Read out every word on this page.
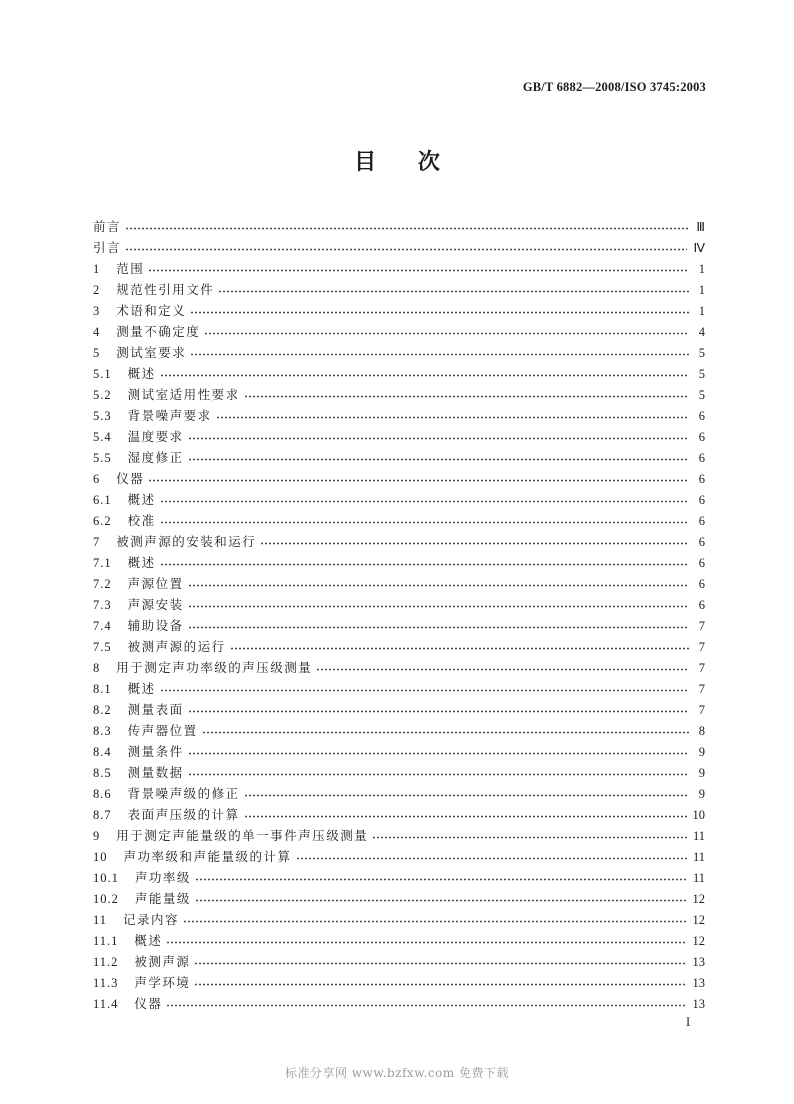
GB/T 6882—2008/ISO 3745:2003
目 次
前言	Ⅲ
引言	Ⅳ
1 范围	1
2 规范性引用文件	1
3 术语和定义	1
4 测量不确定度	4
5 测试室要求	5
5.1 概述	5
5.2 测试室适用性要求	5
5.3 背景噪声要求	6
5.4 温度要求	6
5.5 湿度修正	6
6 仪器	6
6.1 概述	6
6.2 校准	6
7 被测声源的安装和运行	6
7.1 概述	6
7.2 声源位置	6
7.3 声源安装	6
7.4 辅助设备	7
7.5 被测声源的运行	7
8 用于测定声功率级的声压级测量	7
8.1 概述	7
8.2 测量表面	7
8.3 传声器位置	8
8.4 测量条件	9
8.5 测量数据	9
8.6 背景噪声级的修正	9
8.7 表面声压级的计算	10
9 用于测定声能量级的单一事件声压级测量	11
10 声功率级和声能量级的计算	11
10.1 声功率级	11
10.2 声能量级	12
11 记录内容	12
11.1 概述	12
11.2 被测声源	13
11.3 声学环境	13
11.4 仪器	13
I
标准分享网 www.bzfxw.com 免费下载
